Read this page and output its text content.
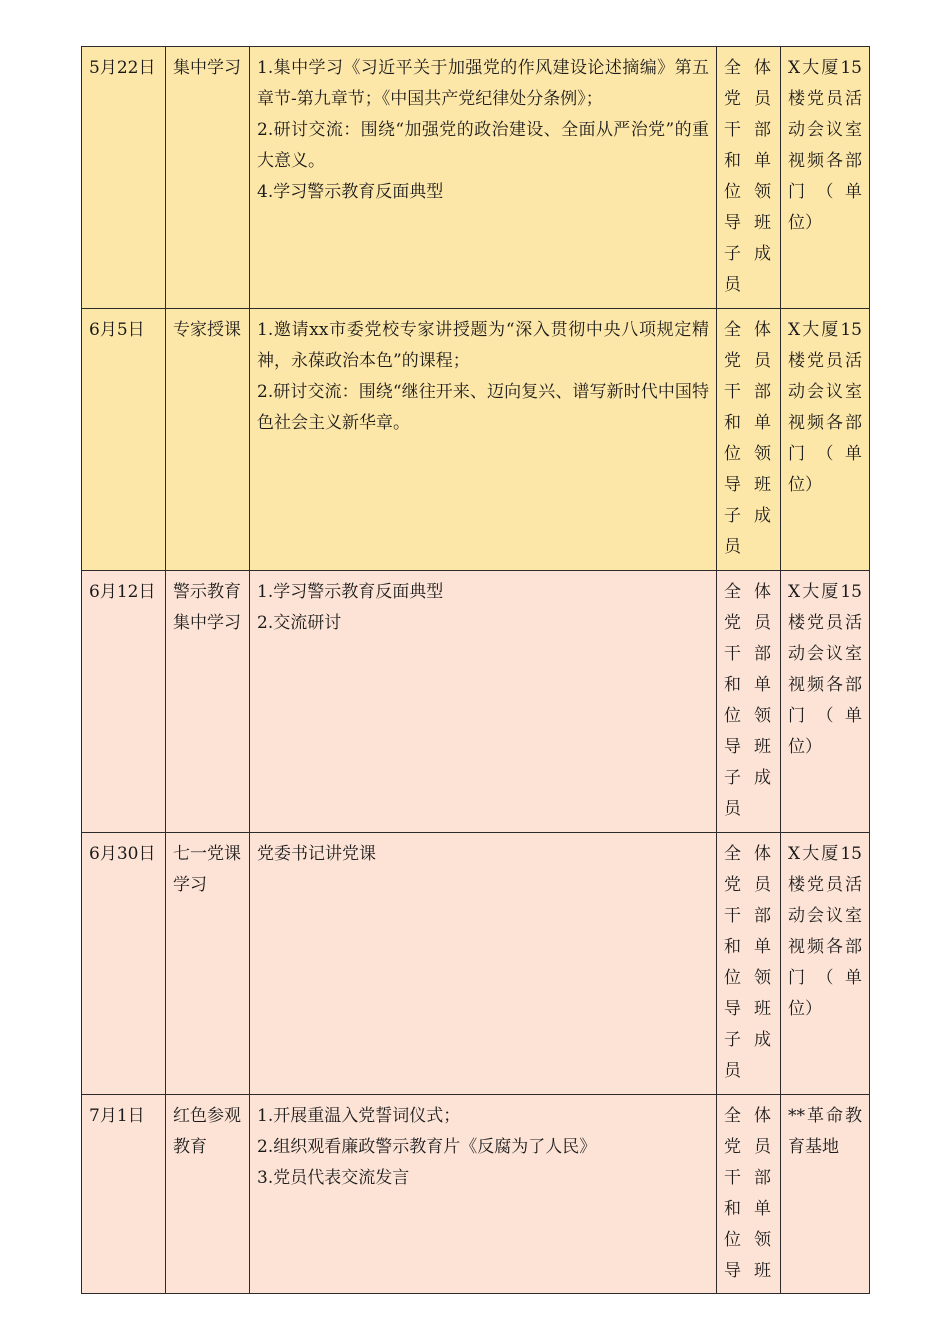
5月22日	集中学习	1.集中学习《习近平关于加强党的作风建设论述摘编》第五章节-第九章节；《中国共产党纪律处分条例》；
2.研讨交流：围绕“加强党的政治建设、全面从严治党”的重大意义。
4.学习警示教育反面典型	全体党员干部和单位领导班子成员	X大厦15楼党员活动会议室视频各部门（单位）
6月5日	专家授课	1.邀请xx市委党校专家讲授题为“深入贯彻中央八项规定精神，永葆政治本色”的课程；
2.研讨交流：围绕“继往开来、迈向复兴、谱写新时代中国特色社会主义新华章。	全体党员干部和单位领导班子成员	X大厦15楼党员活动会议室视频各部门（单位）
6月12日	警示教育集中学习	1.学习警示教育反面典型
2.交流研讨	全体党员干部和单位领导班子成员	X大厦15楼党员活动会议室视频各部门（单位）
6月30日	七一党课学习	党委书记讲党课	全体党员干部和单位领导班子成员	X大厦15楼党员活动会议室视频各部门（单位）
7月1日	红色参观教育	1.开展重温入党誓词仪式；
2.组织观看廉政警示教育片《反腐为了人民》
3.党员代表交流发言	全体党员干部和单位领导班	**革命教育基地
